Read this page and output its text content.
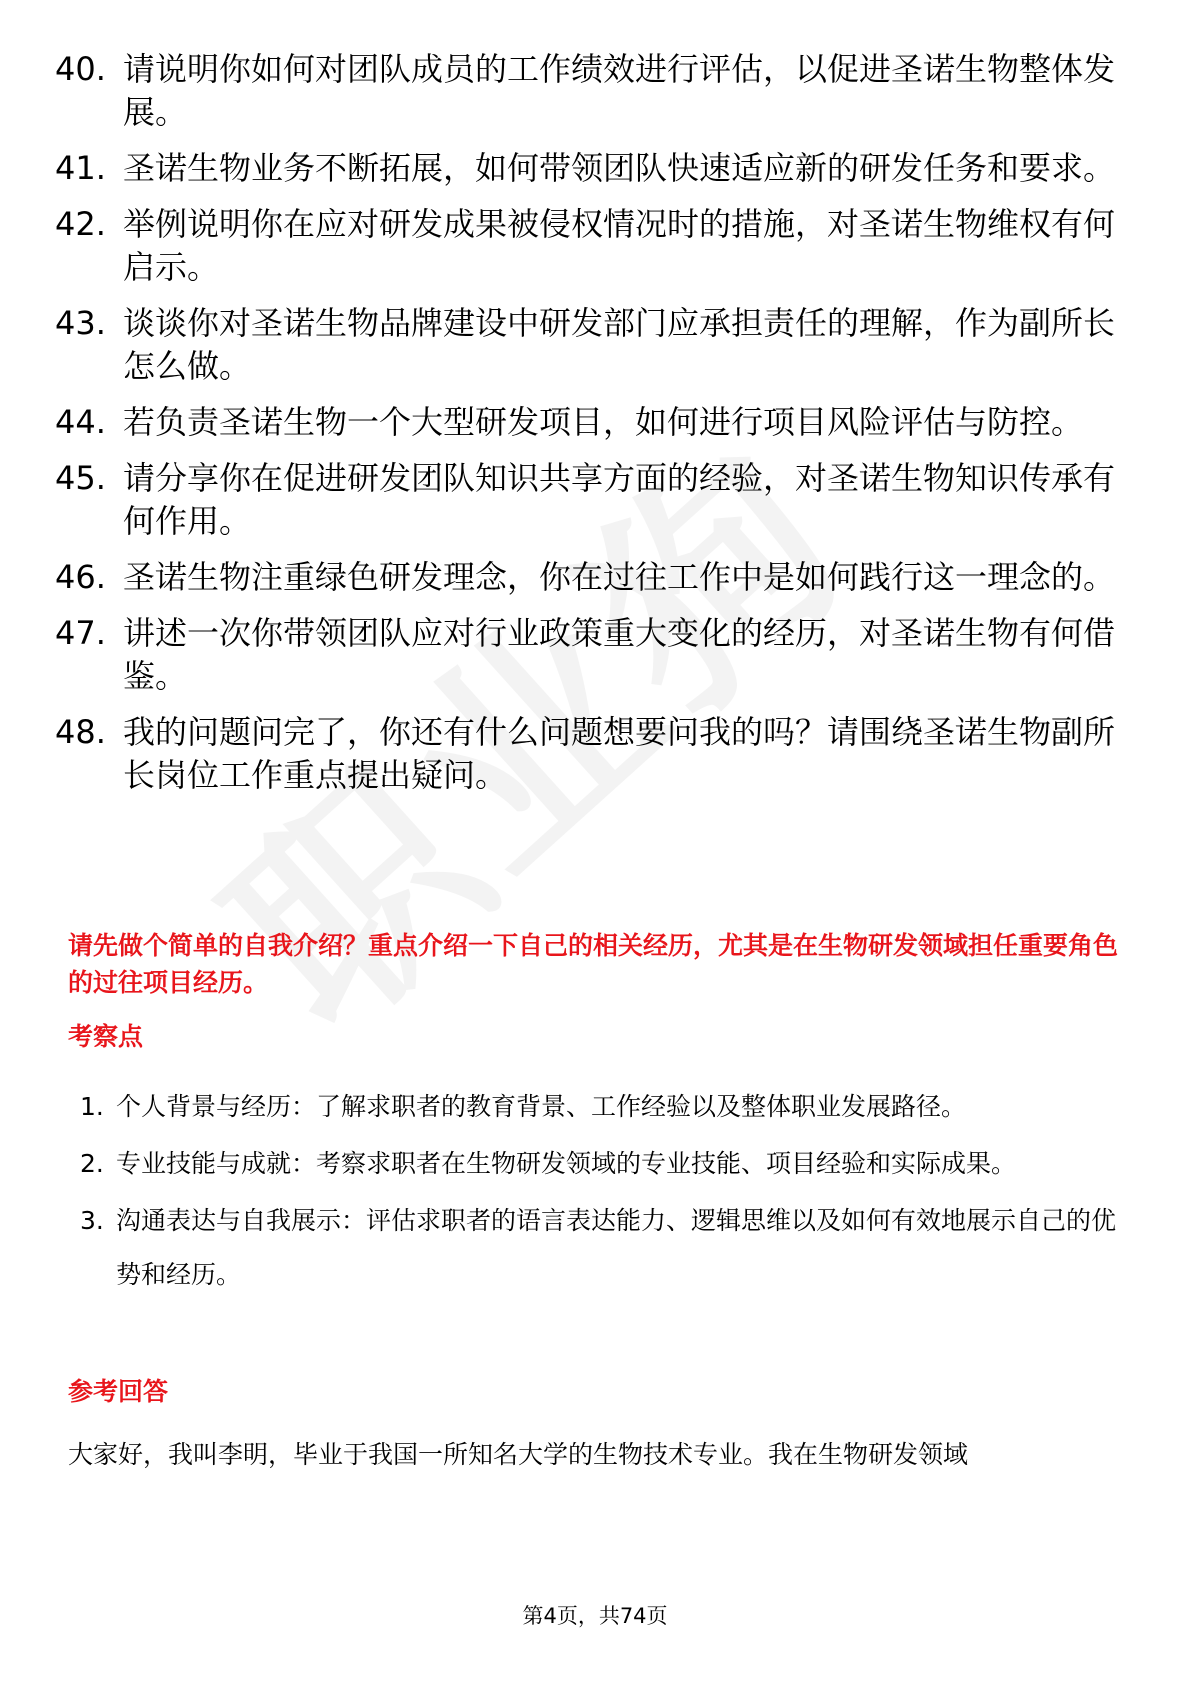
40. 请说明你如何对团队成员的工作绩效进行评估，以促进圣诺生物整体发展。
41. 圣诺生物业务不断拓展，如何带领团队快速适应新的研发任务和要求。
42. 举例说明你在应对研发成果被侵权情况时的措施，对圣诺生物维权有何启示。
43. 谈谈你对圣诺生物品牌建设中研发部门应承担责任的理解，作为副所长怎么做。
44. 若负责圣诺生物一个大型研发项目，如何进行项目风险评估与防控。
45. 请分享你在促进研发团队知识共享方面的经验，对圣诺生物知识传承有何作用。
46. 圣诺生物注重绿色研发理念，你在过往工作中是如何践行这一理念的。
47. 讲述一次你带领团队应对行业政策重大变化的经历，对圣诺生物有何借鉴。
48. 我的问题问完了，你还有什么问题想要问我的吗？请围绕圣诺生物副所长岗位工作重点提出疑问。
请先做个简单的自我介绍？重点介绍一下自己的相关经历，尤其是在生物研发领域担任重要角色的过往项目经历。
考察点
1. 个人背景与经历：了解求职者的教育背景、工作经验以及整体职业发展路径。
2. 专业技能与成就：考察求职者在生物研发领域的专业技能、项目经验和实际成果。
3. 沟通表达与自我展示：评估求职者的语言表达能力、逻辑思维以及如何有效地展示自己的优势和经历。
参考回答
大家好，我叫李明，毕业于我国一所知名大学的生物技术专业。我在生物研发领域
第4页，共74页
